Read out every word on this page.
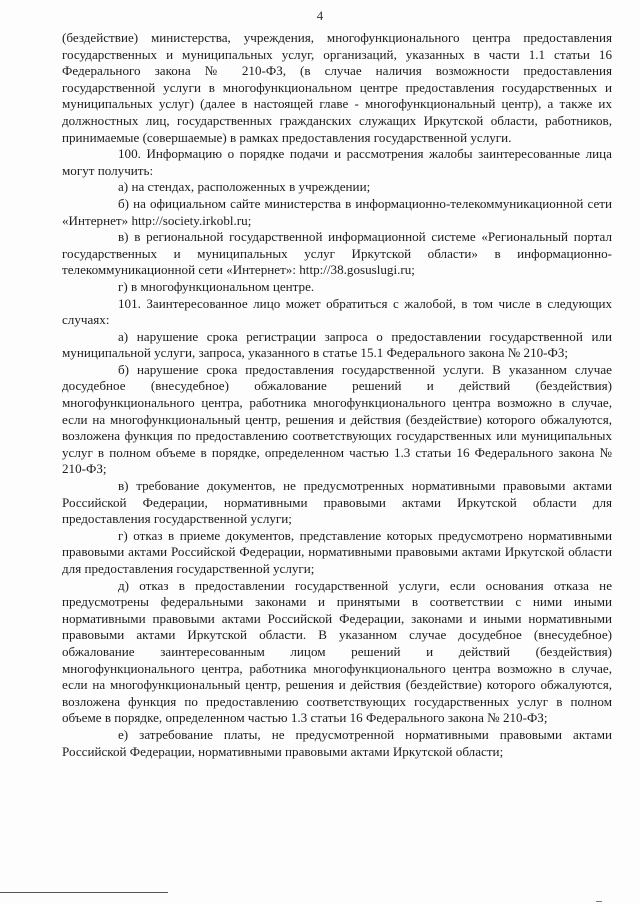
4

(бездействие) министерства, учреждения, многофункционального центра предоставления государственных и муниципальных услуг, организаций, указанных в части 1.1 статьи 16 Федерального закона № 210-ФЗ, (в случае наличия возможности предоставления государственной услуги в многофункциональном центре предоставления государственных и муниципальных услуг) (далее в настоящей главе - многофункциональный центр), а также их должностных лиц, государственных гражданских служащих Иркутской области, работников, принимаемые (совершаемые) в рамках предоставления государственной услуги.

100. Информацию о порядке подачи и рассмотрения жалобы заинтересованные лица могут получить:

а) на стендах, расположенных в учреждении;

б) на официальном сайте министерства в информационно-телекоммуникационной сети «Интернет» http://society.irkobl.ru;

в) в региональной государственной информационной системе «Региональный портал государственных и муниципальных услуг Иркутской области» в информационно-телекоммуникационной сети «Интернет»: http://38.gosuslugi.ru;

г) в многофункциональном центре.

101. Заинтересованное лицо может обратиться с жалобой, в том числе в следующих случаях:

а) нарушение срока регистрации запроса о предоставлении государственной или муниципальной услуги, запроса, указанного в статье 15.1 Федерального закона № 210-ФЗ;

б) нарушение срока предоставления государственной услуги. В указанном случае досудебное (внесудебное) обжалование решений и действий (бездействия) многофункционального центра, работника многофункционального центра возможно в случае, если на многофункциональный центр, решения и действия (бездействие) которого обжалуются, возложена функция по предоставлению соответствующих государственных или муниципальных услуг в полном объеме в порядке, определенном частью 1.3 статьи 16 Федерального закона № 210-ФЗ;

в) требование документов, не предусмотренных нормативными правовыми актами Российской Федерации, нормативными правовыми актами Иркутской области для предоставления государственной услуги;

г) отказ в приеме документов, представление которых предусмотрено нормативными правовыми актами Российской Федерации, нормативными правовыми актами Иркутской области для предоставления государственной услуги;

д) отказ в предоставлении государственной услуги, если основания отказа не предусмотрены федеральными законами и принятыми в соответствии с ними иными нормативными правовыми актами Российской Федерации, законами и иными нормативными правовыми актами Иркутской области. В указанном случае досудебное (внесудебное) обжалование заинтересованным лицом решений и действий (бездействия) многофункционального центра, работника многофункционального центра возможно в случае, если на многофункциональный центр, решения и действия (бездействие) которого обжалуются, возложена функция по предоставлению соответствующих государственных услуг в полном объеме в порядке, определенном частью 1.3 статьи 16 Федерального закона № 210-ФЗ;

е) затребование платы, не предусмотренной нормативными правовыми актами Российской Федерации, нормативными правовыми актами Иркутской области;
